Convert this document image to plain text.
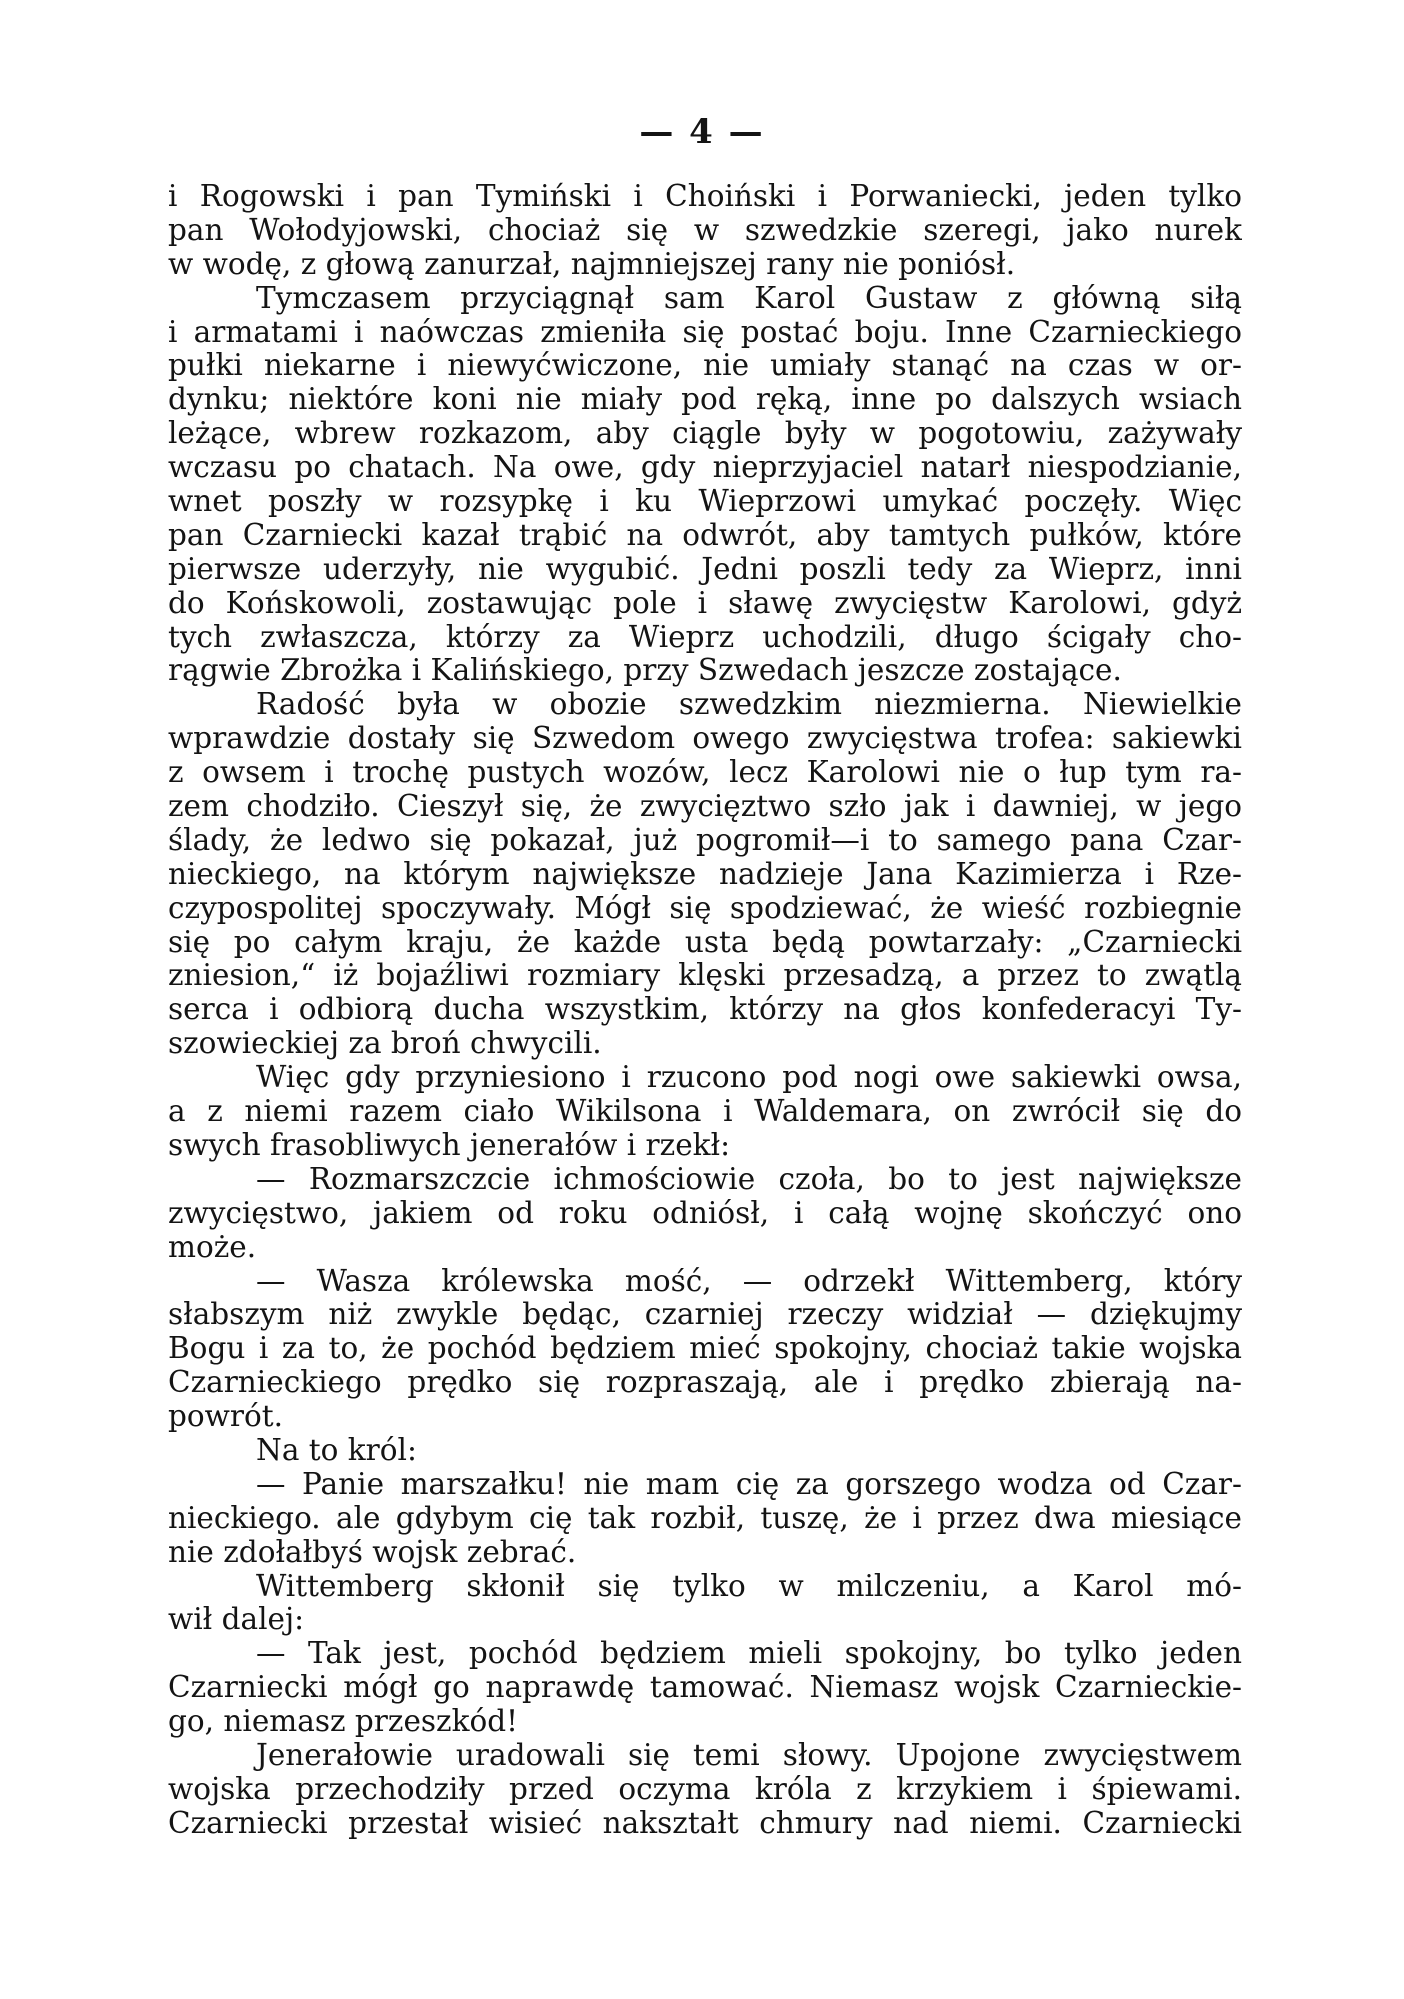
— 4 —
i Rogowski i pan Tymiński i Choiński i Porwaniecki, jeden tylko
pan Wołodyjowski, chociaż się w szwedzkie szeregi, jako nurek
w wodę, z głową zanurzał, najmniejszej rany nie poniósł.
Tymczasem przyciągnął sam Karol Gustaw z główną siłą
i armatami i naówczas zmieniła się postać boju. Inne Czarnieckiego
pułki niekarne i niewyćwiczone, nie umiały stanąć na czas w or-
dynku; niektóre koni nie miały pod ręką, inne po dalszych wsiach
leżące, wbrew rozkazom, aby ciągle były w pogotowiu, zażywały
wczasu po chatach. Na owe, gdy nieprzyjaciel natarł niespodzianie,
wnet poszły w rozsypkę i ku Wieprzowi umykać poczęły. Więc
pan Czarniecki kazał trąbić na odwrót, aby tamtych pułków, które
pierwsze uderzyły, nie wygubić. Jedni poszli tedy za Wieprz, inni
do Końskowoli, zostawując pole i sławę zwycięstw Karolowi, gdyż
tych zwłaszcza, którzy za Wieprz uchodzili, długo ścigały cho-
rągwie Zbrożka i Kalińskiego, przy Szwedach jeszcze zostające.
Radość była w obozie szwedzkim niezmierna. Niewielkie
wprawdzie dostały się Szwedom owego zwycięstwa trofea: sakiewki
z owsem i trochę pustych wozów, lecz Karolowi nie o łup tym ra-
zem chodziło. Cieszył się, że zwycięztwo szło jak i dawniej, w jego
ślady, że ledwo się pokazał, już pogromił—i to samego pana Czar-
nieckiego, na którym największe nadzieje Jana Kazimierza i Rze-
czypospolitej spoczywały. Mógł się spodziewać, że wieść rozbiegnie
się po całym kraju, że każde usta będą powtarzały: „Czarniecki
zniesion,“ iż bojaźliwi rozmiary klęski przesadzą, a przez to zwątlą
serca i odbiorą ducha wszystkim, którzy na głos konfederacyi Ty-
szowieckiej za broń chwycili.
Więc gdy przyniesiono i rzucono pod nogi owe sakiewki owsa,
a z niemi razem ciało Wikilsona i Waldemara, on zwrócił się do
swych frasobliwych jenerałów i rzekł:
— Rozmarszczcie ichmościowie czoła, bo to jest największe
zwycięstwo, jakiem od roku odniósł, i całą wojnę skończyć ono
może.
— Wasza królewska mość, — odrzekł Wittemberg, który
słabszym niż zwykle będąc, czarniej rzeczy widział — dziękujmy
Bogu i za to, że pochód będziem mieć spokojny, chociaż takie wojska
Czarnieckiego prędko się rozpraszają, ale i prędko zbierają na-
powrót.
Na to król:
— Panie marszałku! nie mam cię za gorszego wodza od Czar-
nieckiego. ale gdybym cię tak rozbił, tuszę, że i przez dwa miesiące
nie zdołałbyś wojsk zebrać.
Wittemberg skłonił się tylko w milczeniu, a Karol mó-
wił dalej:
— Tak jest, pochód będziem mieli spokojny, bo tylko jeden
Czarniecki mógł go naprawdę tamować. Niemasz wojsk Czarnieckie-
go, niemasz przeszkód!
Jenerałowie uradowali się temi słowy. Upojone zwycięstwem
wojska przechodziły przed oczyma króla z krzykiem i śpiewami.
Czarniecki przestał wisieć nakształt chmury nad niemi. Czarniecki
